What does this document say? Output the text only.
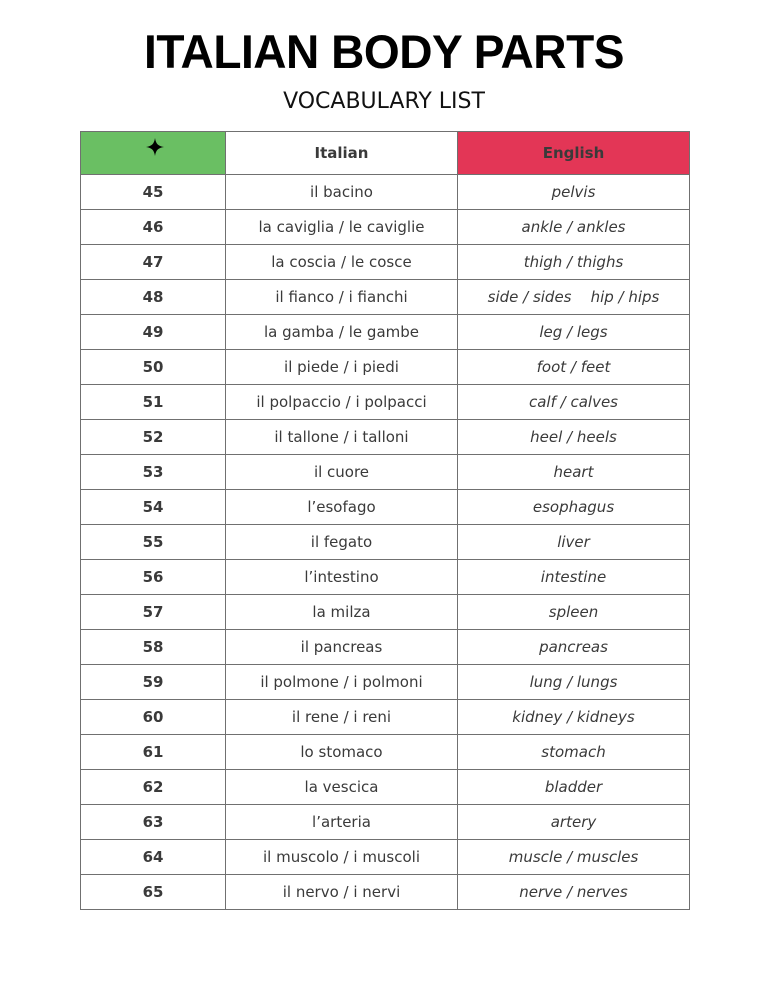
ITALIAN BODY PARTS
VOCABULARY LIST
	Italian	English
45	il bacino	pelvis
46	la caviglia / le caviglie	ankle / ankles
47	la coscia / le cosce	thigh / thighs
48	il fianco / i fianchi	side / sides    hip / hips
49	la gamba / le gambe	leg / legs
50	il piede / i piedi	foot / feet
51	il polpaccio / i polpacci	calf / calves
52	il tallone / i talloni	heel / heels
53	il cuore	heart
54	l’esofago	esophagus
55	il fegato	liver
56	l’intestino	intestine
57	la milza	spleen
58	il pancreas	pancreas
59	il polmone / i polmoni	lung / lungs
60	il rene / i reni	kidney / kidneys
61	lo stomaco	stomach
62	la vescica	bladder
63	l’arteria	artery
64	il muscolo / i muscoli	muscle / muscles
65	il nervo / i nervi	nerve / nerves
